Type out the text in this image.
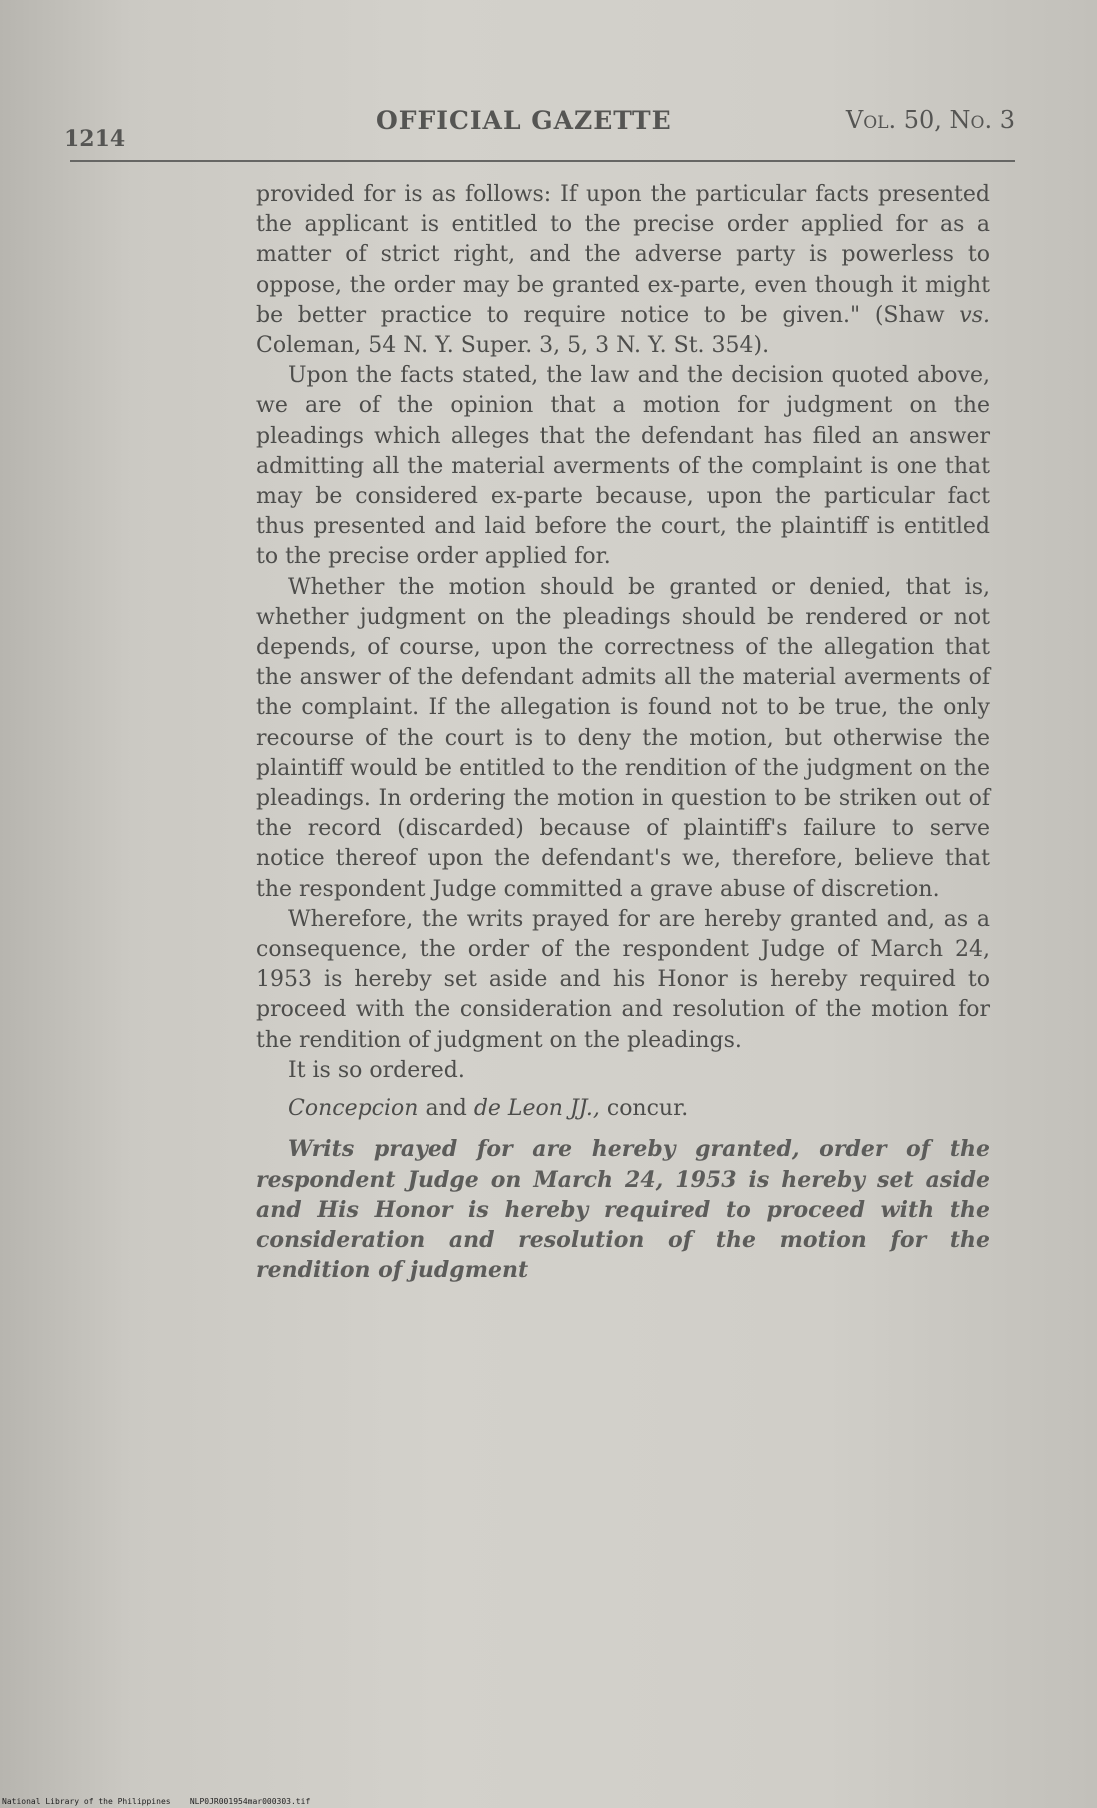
1214
OFFICIAL GAZETTE	Vol. 50, No. 3

provided for is as follows: If upon the particular facts presented the applicant is entitled to the precise order applied for as a matter of strict right, and the adverse party is powerless to oppose, the order may be granted ex-parte, even though it might be better practice to require notice to be given." (Shaw vs. Coleman, 54 N. Y. Super. 3, 5, 3 N. Y. St. 354).

Upon the facts stated, the law and the decision quoted above, we are of the opinion that a motion for judgment on the pleadings which alleges that the defendant has filed an answer admitting all the material averments of the complaint is one that may be considered ex-parte because, upon the particular fact thus presented and laid before the court, the plaintiff is entitled to the precise order applied for.

Whether the motion should be granted or denied, that is, whether judgment on the pleadings should be rendered or not depends, of course, upon the correctness of the allegation that the answer of the defendant admits all the material averments of the complaint. If the allegation is found not to be true, the only recourse of the court is to deny the motion, but otherwise the plaintiff would be entitled to the rendition of the judgment on the pleadings. In ordering the motion in question to be striken out of the record (discarded) because of plaintiff's failure to serve notice thereof upon the defendant's we, therefore, believe that the respondent Judge committed a grave abuse of discretion.

Wherefore, the writs prayed for are hereby granted and, as a consequence, the order of the respondent Judge of March 24, 1953 is hereby set aside and his Honor is hereby required to proceed with the consideration and resolution of the motion for the rendition of judgment on the pleadings.

It is so ordered.

Concepcion and de Leon JJ., concur.

Writs prayed for are hereby granted, order of the respondent Judge on March 24, 1953 is hereby set aside and His Honor is hereby required to proceed with the consideration and resolution of the motion for the rendition of judgment

National Library of the Philippines NLP0JR001954mar000303.tif
